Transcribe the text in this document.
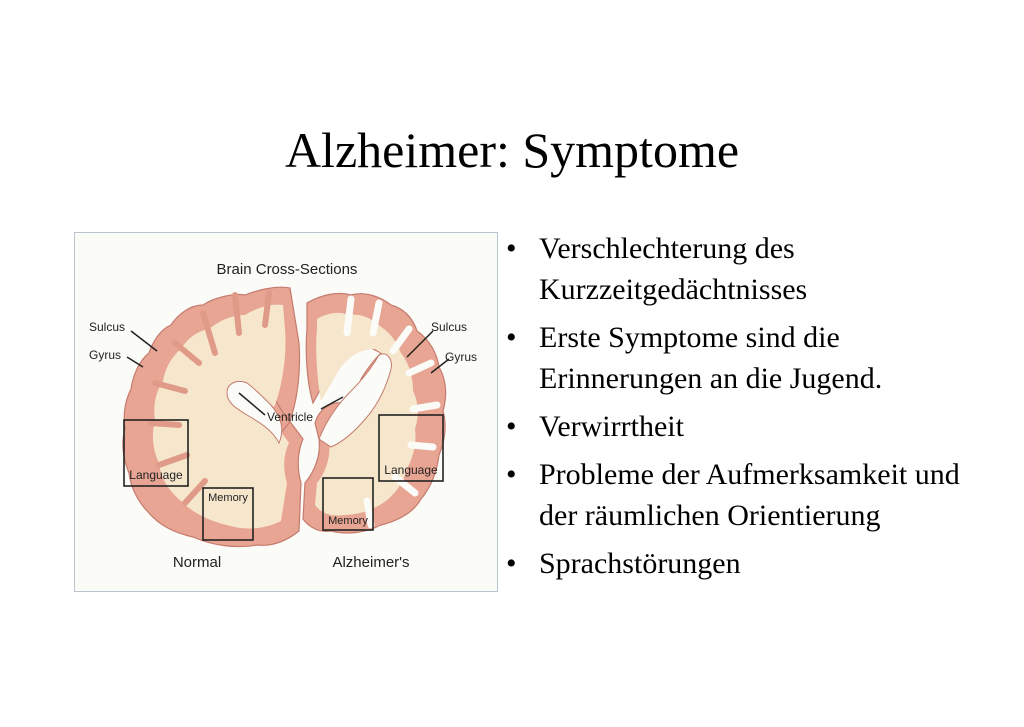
Alzheimer: Symptome
Brain Cross-Sections
Sulcus
Gyrus
Sulcus
Gyrus
Ventricle
Language
Memory
Memory
Language
Normal	Alzheimer's
• Verschlechterung des Kurzzeitgedächtnisses
• Erste Symptome sind die Erinnerungen an die Jugend.
• Verwirrtheit
• Probleme der Aufmerksamkeit und der räumlichen Orientierung
• Sprachstörungen
